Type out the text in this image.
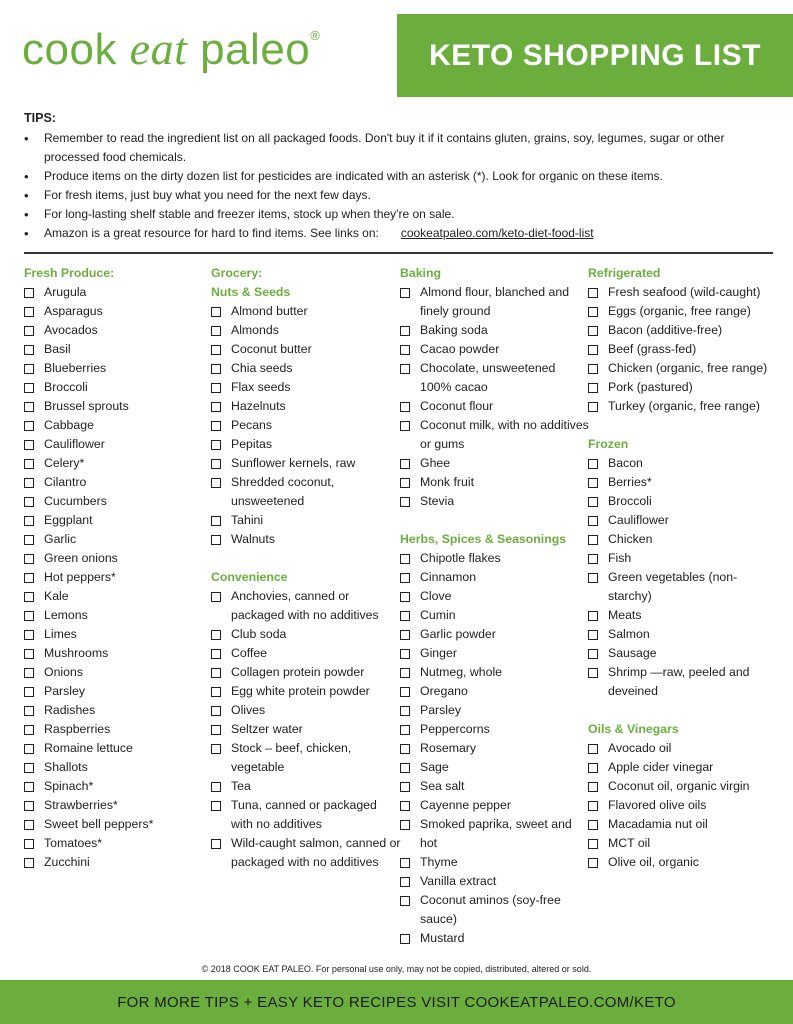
cook eat paleo®
KETO SHOPPING LIST
TIPS:
• Remember to read the ingredient list on all packaged foods. Don't buy it if it contains gluten, grains, soy, legumes, sugar or other processed food chemicals.
• Produce items on the dirty dozen list for pesticides are indicated with an asterisk (*). Look for organic on these items.
• For fresh items, just buy what you need for the next few days.
• For long-lasting shelf stable and freezer items, stock up when they're on sale.
• Amazon is a great resource for hard to find items. See links on: cookeatpaleo.com/keto-diet-food-list
Fresh Produce:
Arugula
Asparagus
Avocados
Basil
Blueberries
Broccoli
Brussel sprouts
Cabbage
Cauliflower
Celery*
Cilantro
Cucumbers
Eggplant
Garlic
Green onions
Hot peppers*
Kale
Lemons
Limes
Mushrooms
Onions
Parsley
Radishes
Raspberries
Romaine lettuce
Shallots
Spinach*
Strawberries*
Sweet bell peppers*
Tomatoes*
Zucchini
Grocery:
Nuts & Seeds
Almond butter
Almonds
Coconut butter
Chia seeds
Flax seeds
Hazelnuts
Pecans
Pepitas
Sunflower kernels, raw
Shredded coconut, unsweetened
Tahini
Walnuts
Convenience
Anchovies, canned or packaged with no additives
Club soda
Coffee
Collagen protein powder
Egg white protein powder
Olives
Seltzer water
Stock – beef, chicken, vegetable
Tea
Tuna, canned or packaged with no additives
Wild-caught salmon, canned or packaged with no additives
Baking
Almond flour, blanched and finely ground
Baking soda
Cacao powder
Chocolate, unsweetened 100% cacao
Coconut flour
Coconut milk, with no additives or gums
Ghee
Monk fruit
Stevia
Herbs, Spices & Seasonings
Chipotle flakes
Cinnamon
Clove
Cumin
Garlic powder
Ginger
Nutmeg, whole
Oregano
Parsley
Peppercorns
Rosemary
Sage
Sea salt
Cayenne pepper
Smoked paprika, sweet and hot
Thyme
Vanilla extract
Coconut aminos (soy-free sauce)
Mustard
Refrigerated
Fresh seafood (wild-caught)
Eggs (organic, free range)
Bacon (additive-free)
Beef (grass-fed)
Chicken (organic, free range)
Pork (pastured)
Turkey (organic, free range)
Frozen
Bacon
Berries*
Broccoli
Cauliflower
Chicken
Fish
Green vegetables (non-starchy)
Meats
Salmon
Sausage
Shrimp —raw, peeled and deveined
Oils & Vinegars
Avocado oil
Apple cider vinegar
Coconut oil, organic virgin
Flavored olive oils
Macadamia nut oil
MCT oil
Olive oil, organic
© 2018 COOK EAT PALEO. For personal use only, may not be copied, distributed, altered or sold.
FOR MORE TIPS + EASY KETO RECIPES VISIT COOKEATPALEO.COM/KETO
